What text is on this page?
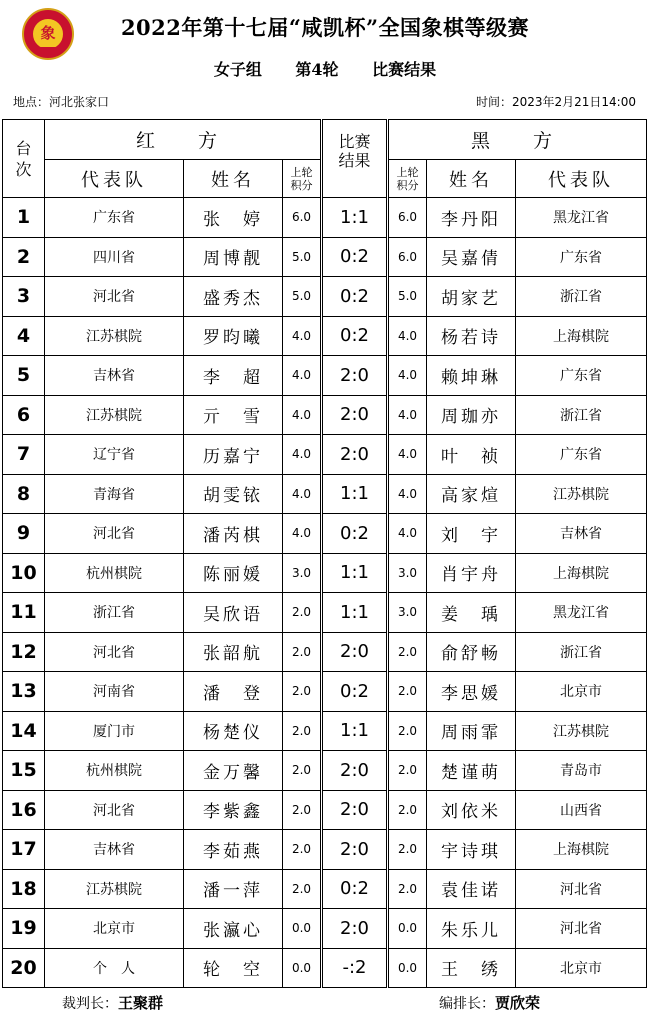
象	2022年第十七届“咸凯杯”全国象棋等级赛
女子组 第4轮 比赛结果
地点：河北张家口	时间：2023年2月21日14:00
台次	红　方			比赛结果	黑　方		
	代表队	姓名	上轮积分		上轮积分	姓名	代表队
1	广东省	张　婷	6.0	1:1	6.0	李丹阳	黑龙江省
2	四川省	周博靓	5.0	0:2	6.0	吴嘉倩	广东省
3	河北省	盛秀杰	5.0	0:2	5.0	胡家艺	浙江省
4	江苏棋院	罗昀曦	4.0	0:2	4.0	杨若诗	上海棋院
5	吉林省	李　超	4.0	2:0	4.0	赖坤琳	广东省
6	江苏棋院	亓　雪	4.0	2:0	4.0	周珈亦	浙江省
7	辽宁省	历嘉宁	4.0	2:0	4.0	叶　祯	广东省
8	青海省	胡雯铱	4.0	1:1	4.0	高家煊	江苏棋院
9	河北省	潘芮棋	4.0	0:2	4.0	刘　宇	吉林省
10	杭州棋院	陈丽媛	3.0	1:1	3.0	肖宇舟	上海棋院
11	浙江省	吴欣语	2.0	1:1	3.0	姜　瑀	黑龙江省
12	河北省	张韶航	2.0	2:0	2.0	俞舒畅	浙江省
13	河南省	潘　登	2.0	0:2	2.0	李思媛	北京市
14	厦门市	杨楚仪	2.0	1:1	2.0	周雨霏	江苏棋院
15	杭州棋院	金万馨	2.0	2:0	2.0	楚谨萌	青岛市
16	河北省	李紫鑫	2.0	2:0	2.0	刘依米	山西省
17	吉林省	李茹燕	2.0	2:0	2.0	宇诗琪	上海棋院
18	江苏棋院	潘一萍	2.0	0:2	2.0	袁佳诺	河北省
19	北京市	张瀛心	0.0	2:0	0.0	朱乐儿	河北省
20	个　人	轮　空	0.0	-:2	0.0	王　绣	北京市
裁判长：王聚群	编排长：贾欣荣
